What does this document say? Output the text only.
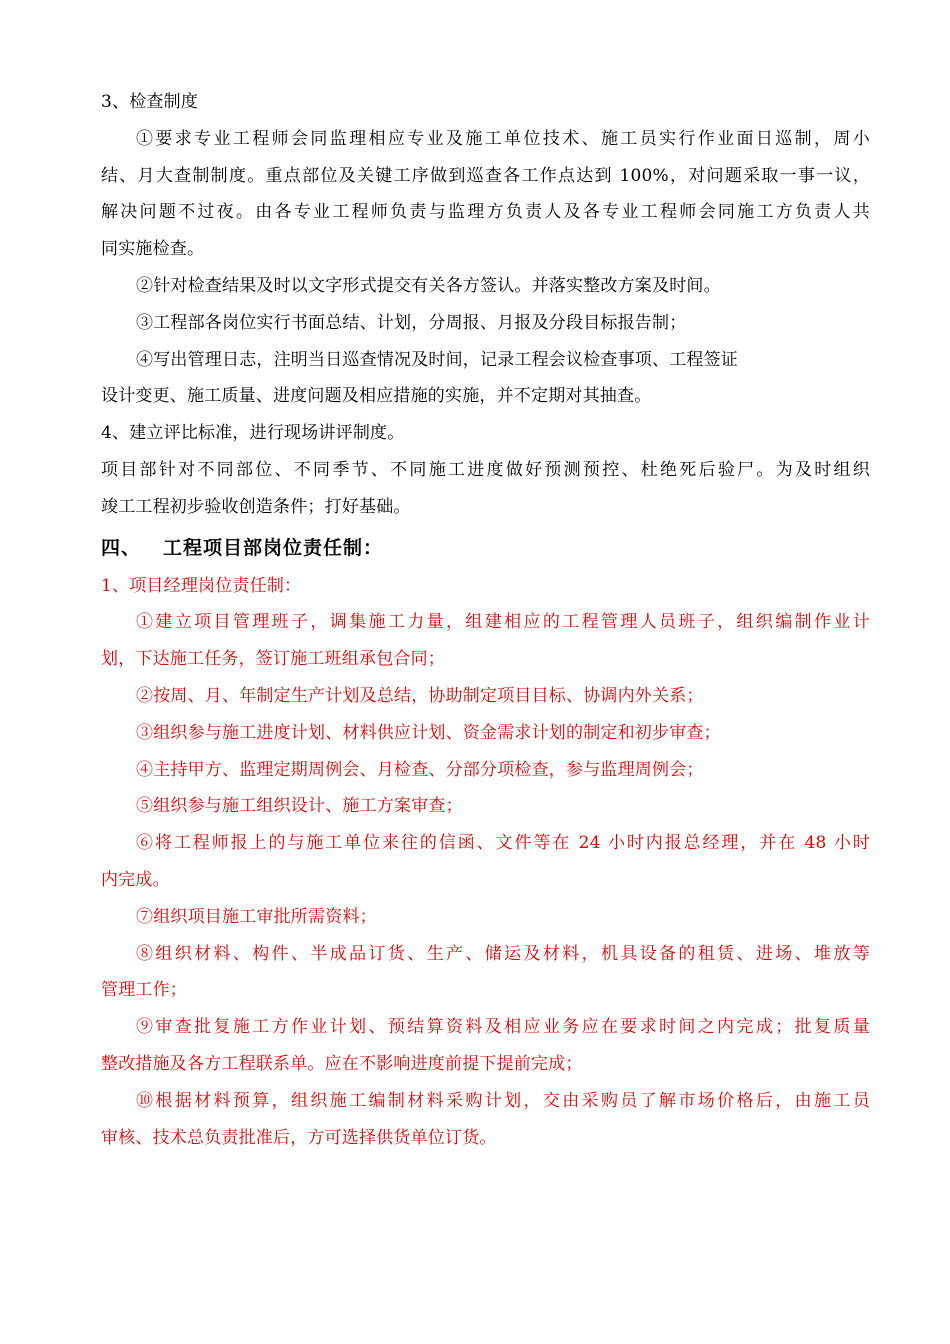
3、检查制度
①要求专业工程师会同监理相应专业及施工单位技术、施工员实行作业面日巡制，周小
结、月大查制制度。重点部位及关键工序做到巡查各工作点达到 100%，对问题采取一事一议，
解决问题不过夜。由各专业工程师负责与监理方负责人及各专业工程师会同施工方负责人共
同实施检查。
②针对检查结果及时以文字形式提交有关各方签认。并落实整改方案及时间。
③工程部各岗位实行书面总结、计划，分周报、月报及分段目标报告制；
④写出管理日志，注明当日巡查情况及时间，记录工程会议检查事项、工程签证
设计变更、施工质量、进度问题及相应措施的实施，并不定期对其抽查。
4、建立评比标准，进行现场讲评制度。
项目部针对不同部位、不同季节、不同施工进度做好预测预控、杜绝死后验尸。为及时组织
竣工工程初步验收创造条件；打好基础。
四、 工程项目部岗位责任制：
1、项目经理岗位责任制：
①建立项目管理班子，调集施工力量，组建相应的工程管理人员班子，组织编制作业计
划，下达施工任务，签订施工班组承包合同；
②按周、月、年制定生产计划及总结，协助制定项目目标、协调内外关系；
③组织参与施工进度计划、材料供应计划、资金需求计划的制定和初步审查；
④主持甲方、监理定期周例会、月检查、分部分项检查，参与监理周例会；
⑤组织参与施工组织设计、施工方案审查；
⑥将工程师报上的与施工单位来往的信函、文件等在 24 小时内报总经理，并在 48 小时
内完成。
⑦组织项目施工审批所需资料；
⑧组织材料、构件、半成品订货、生产、储运及材料，机具设备的租赁、进场、堆放等
管理工作；
⑨审查批复施工方作业计划、预结算资料及相应业务应在要求时间之内完成；批复质量
整改措施及各方工程联系单。应在不影响进度前提下提前完成；
⑩根据材料预算，组织施工编制材料采购计划，交由采购员了解市场价格后，由施工员
审核、技术总负责批准后，方可选择供货单位订货。
